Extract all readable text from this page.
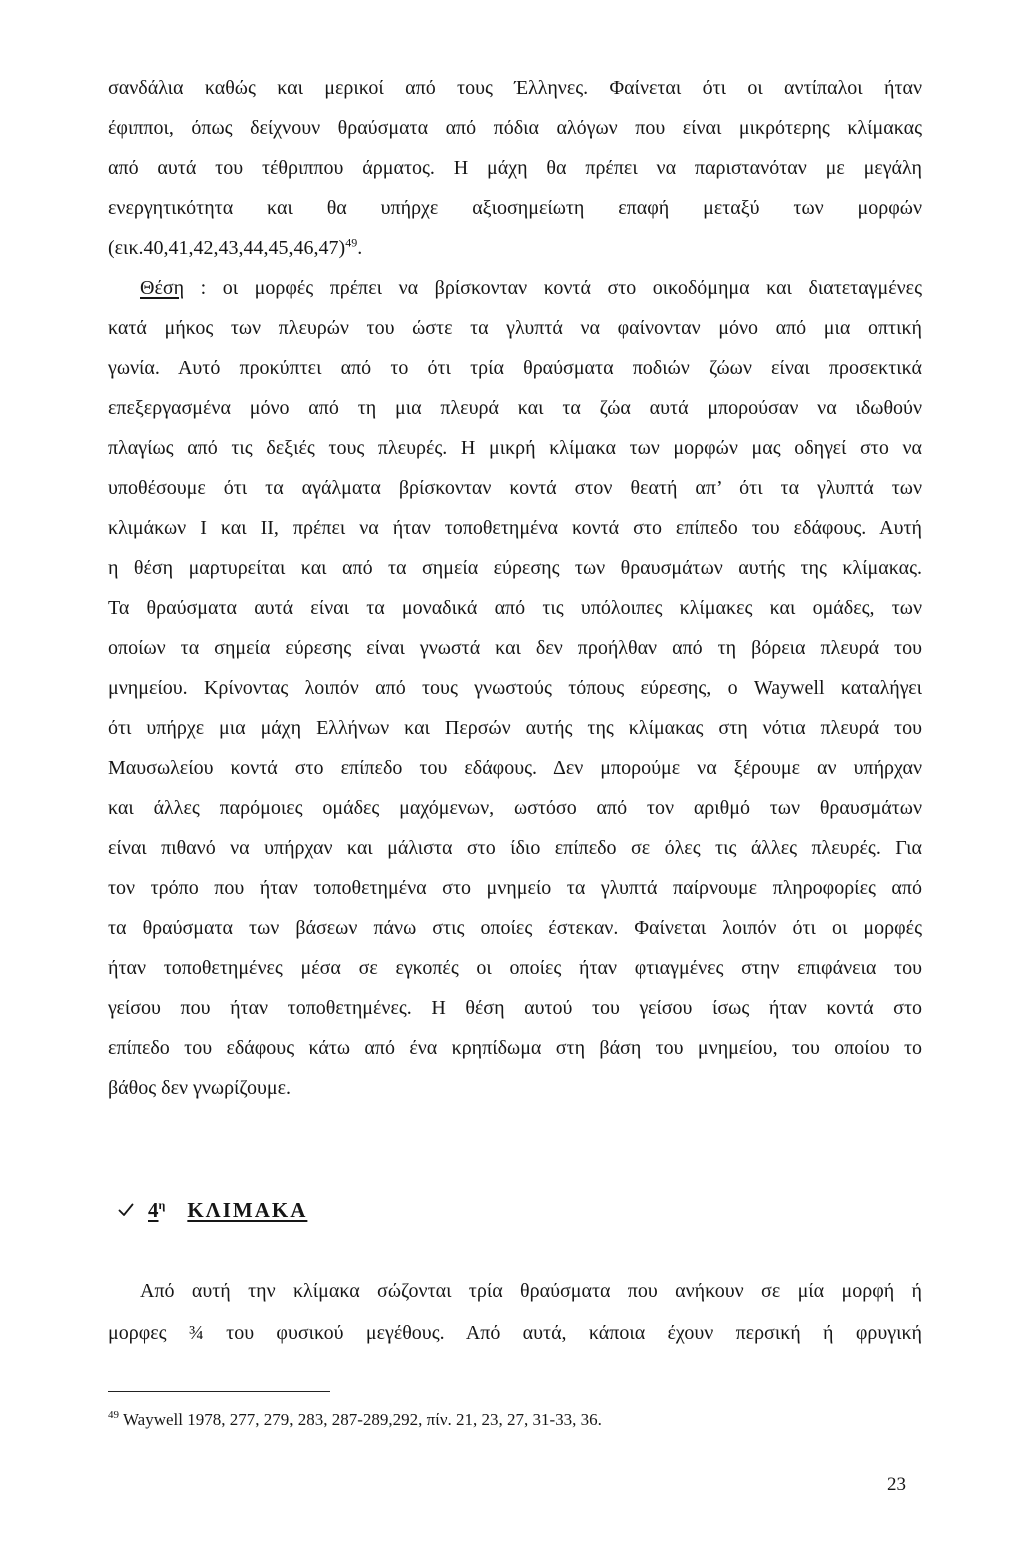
σανδάλια καθώς και μερικοί από τους Έλληνες. Φαίνεται ότι οι αντίπαλοι ήταν
έφιπποι, όπως δείχνουν θραύσματα από πόδια αλόγων που είναι μικρότερης κλίμακας
από αυτά του τέθριππου άρματος. Η μάχη θα πρέπει να παριστανόταν με μεγάλη
ενεργητικότητα και θα υπήρχε αξιοσημείωτη επαφή μεταξύ των μορφών
$(\varepsilon\iota\kappa.40,41,42,43,44,45,46,47)^{49}$.
Θέση : οι μορφές πρέπει να βρίσκονταν κοντά στο οικοδόμημα και διατεταγμένες
κατά μήκος των πλευρών του ώστε τα γλυπτά να φαίνονταν μόνο από μια οπτική
γωνία. Αυτό προκύπτει από το ότι τρία θραύσματα ποδιών ζώων είναι προσεκτικά
επεξεργασμένα μόνο από τη μια πλευρά και τα ζώα αυτά μπορούσαν να ιδωθούν
πλαγίως από τις δεξιές τους πλευρές. Η μικρή κλίμακα των μορφών μας οδηγεί στο να
υποθέσουμε ότι τα αγάλματα βρίσκονταν κοντά στον θεατή απ’ ότι τα γλυπτά των
κλιμάκων I και II, πρέπει να ήταν τοποθετημένα κοντά στο επίπεδο του εδάφους. Αυτή
η θέση μαρτυρείται και από τα σημεία εύρεσης των θραυσμάτων αυτής της κλίμακας.
Τα θραύσματα αυτά είναι τα μοναδικά από τις υπόλοιπες κλίμακες και ομάδες, των
οποίων τα σημεία εύρεσης είναι γνωστά και δεν προήλθαν από τη βόρεια πλευρά του
μνημείου. Κρίνοντας λοιπόν από τους γνωστούς τόπους εύρεσης, ο Waywell καταλήγει
ότι υπήρχε μια μάχη Ελλήνων και Περσών αυτής της κλίμακας στη νότια πλευρά του
Μαυσωλείου κοντά στο επίπεδο του εδάφους. Δεν μπορούμε να ξέρουμε αν υπήρχαν
και άλλες παρόμοιες ομάδες μαχόμενων, ωστόσο από τον αριθμό των θραυσμάτων
είναι πιθανό να υπήρχαν και μάλιστα στο ίδιο επίπεδο σε όλες τις άλλες πλευρές. Για
τον τρόπο που ήταν τοποθετημένα στο μνημείο τα γλυπτά παίρνουμε πληροφορίες από
τα θραύσματα των βάσεων πάνω στις οποίες έστεκαν. Φαίνεται λοιπόν ότι οι μορφές
ήταν τοποθετημένες μέσα σε εγκοπές οι οποίες ήταν φτιαγμένες στην επιφάνεια του
γείσου που ήταν τοποθετημένες. Η θέση αυτού του γείσου ίσως ήταν κοντά στο
επίπεδο του εδάφους κάτω από ένα κρηπίδωμα στη βάση του μνημείου, του οποίου το
βάθος δεν γνωρίζουμε.
$4^\eta$ ΚΛΙΜΑΚΑ
Από αυτή την κλίμακα σώζονται τρία θραύσματα που ανήκουν σε μία μορφή ή
μορφες ¾ του φυσικού μεγέθους. Από αυτά, κάποια έχουν περσική ή φρυγική
$^{49}$ Waywell 1978, 277, 279, 283, 287-289,292, πίν. 21, 23, 27, 31-33, 36.
23
